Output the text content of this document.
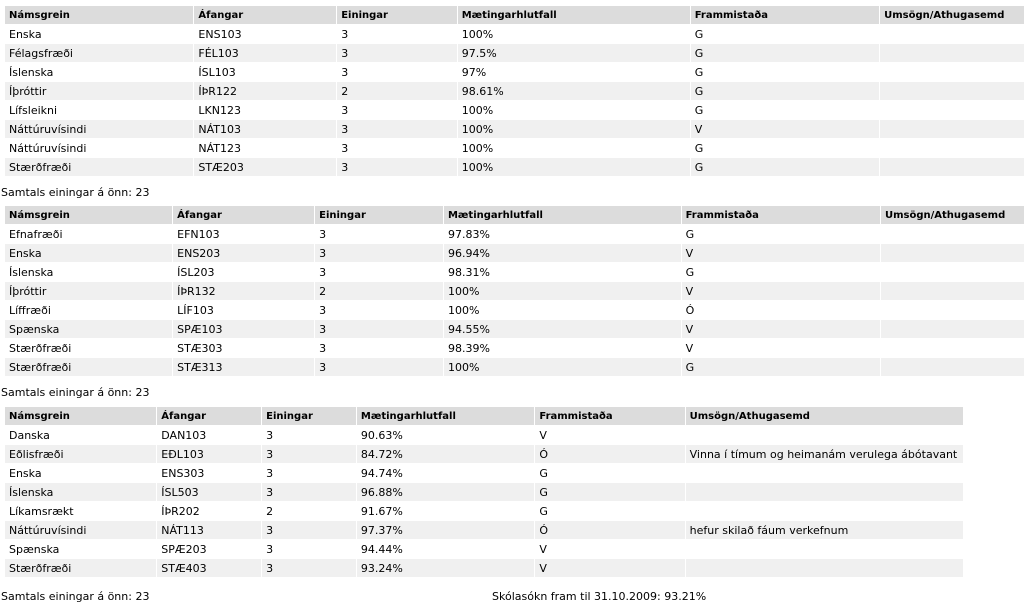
Námsgrein	Áfangar	Einingar	Mætingarhlutfall	Frammistaða	Umsögn/Athugasemd
Enska	ENS103	3	100%	G	
Félagsfræði	FÉL103	3	97.5%	G	
Íslenska	ÍSL103	3	97%	G	
Íþróttir	ÍÞR122	2	98.61%	G	
Lífsleikni	LKN123	3	100%	G	
Náttúruvísindi	NÁT103	3	100%	V	
Náttúruvísindi	NÁT123	3	100%	G	
Stærðfræði	STÆ203	3	100%	G	
Samtals einingar á önn: 23
Námsgrein	Áfangar	Einingar	Mætingarhlutfall	Frammistaða	Umsögn/Athugasemd
Efnafræði	EFN103	3	97.83%	G	
Enska	ENS203	3	96.94%	V	
Íslenska	ÍSL203	3	98.31%	G	
Íþróttir	ÍÞR132	2	100%	V	
Líffræði	LÍF103	3	100%	Ó	
Spænska	SPÆ103	3	94.55%	V	
Stærðfræði	STÆ303	3	98.39%	V	
Stærðfræði	STÆ313	3	100%	G	
Samtals einingar á önn: 23
Námsgrein	Áfangar	Einingar	Mætingarhlutfall	Frammistaða	Umsögn/Athugasemd
Danska	DAN103	3	90.63%	V	
Eðlisfræði	EÐL103	3	84.72%	Ó	Vinna í tímum og heimanám verulega ábótavant
Enska	ENS303	3	94.74%	G	
Íslenska	ÍSL503	3	96.88%	G	
Líkamsrækt	ÍÞR202	2	91.67%	G	
Náttúruvísindi	NÁT113	3	97.37%	Ó	hefur skilað fáum verkefnum
Spænska	SPÆ203	3	94.44%	V	
Stærðfræði	STÆ403	3	93.24%	V	
Samtals einingar á önn: 23	Skólasókn fram til 31.10.2009: 93.21%
